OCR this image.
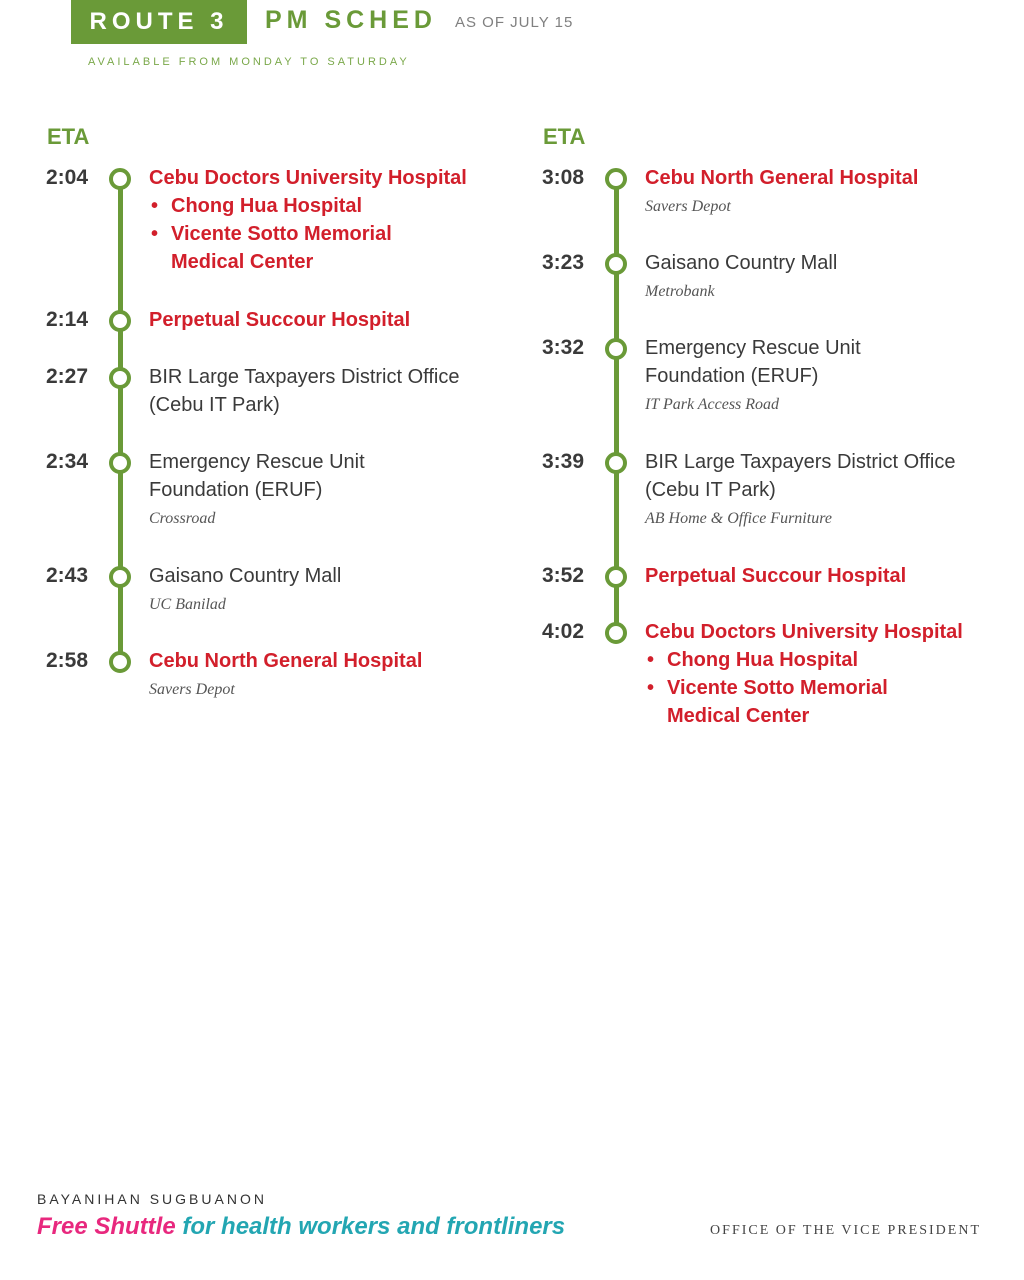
ROUTE 3	PM SCHED AS OF JULY 15
AVAILABLE FROM MONDAY TO SATURDAY
ETA
2:04	Cebu Doctors University Hospital
• Chong Hua Hospital
• Vicente Sotto Memorial
Medical Center
2:14	Perpetual Succour Hospital
2:27	BIR Large Taxpayers District Office
(Cebu IT Park)
2:34	Emergency Rescue Unit
Foundation (ERUF)
Crossroad
2:43	Gaisano Country Mall
UC Banilad
2:58	Cebu North General Hospital
Savers Depot
ETA
3:08	Cebu North General Hospital
Savers Depot
3:23	Gaisano Country Mall
Metrobank
3:32	Emergency Rescue Unit
Foundation (ERUF)
IT Park Access Road
3:39	BIR Large Taxpayers District Office
(Cebu IT Park)
AB Home & Office Furniture
3:52	Perpetual Succour Hospital
4:02	Cebu Doctors University Hospital
• Chong Hua Hospital
• Vicente Sotto Memorial
Medical Center
BAYANIHAN SUGBUANON
Free Shuttle for health workers and frontliners	OFFICE OF THE VICE PRESIDENT
